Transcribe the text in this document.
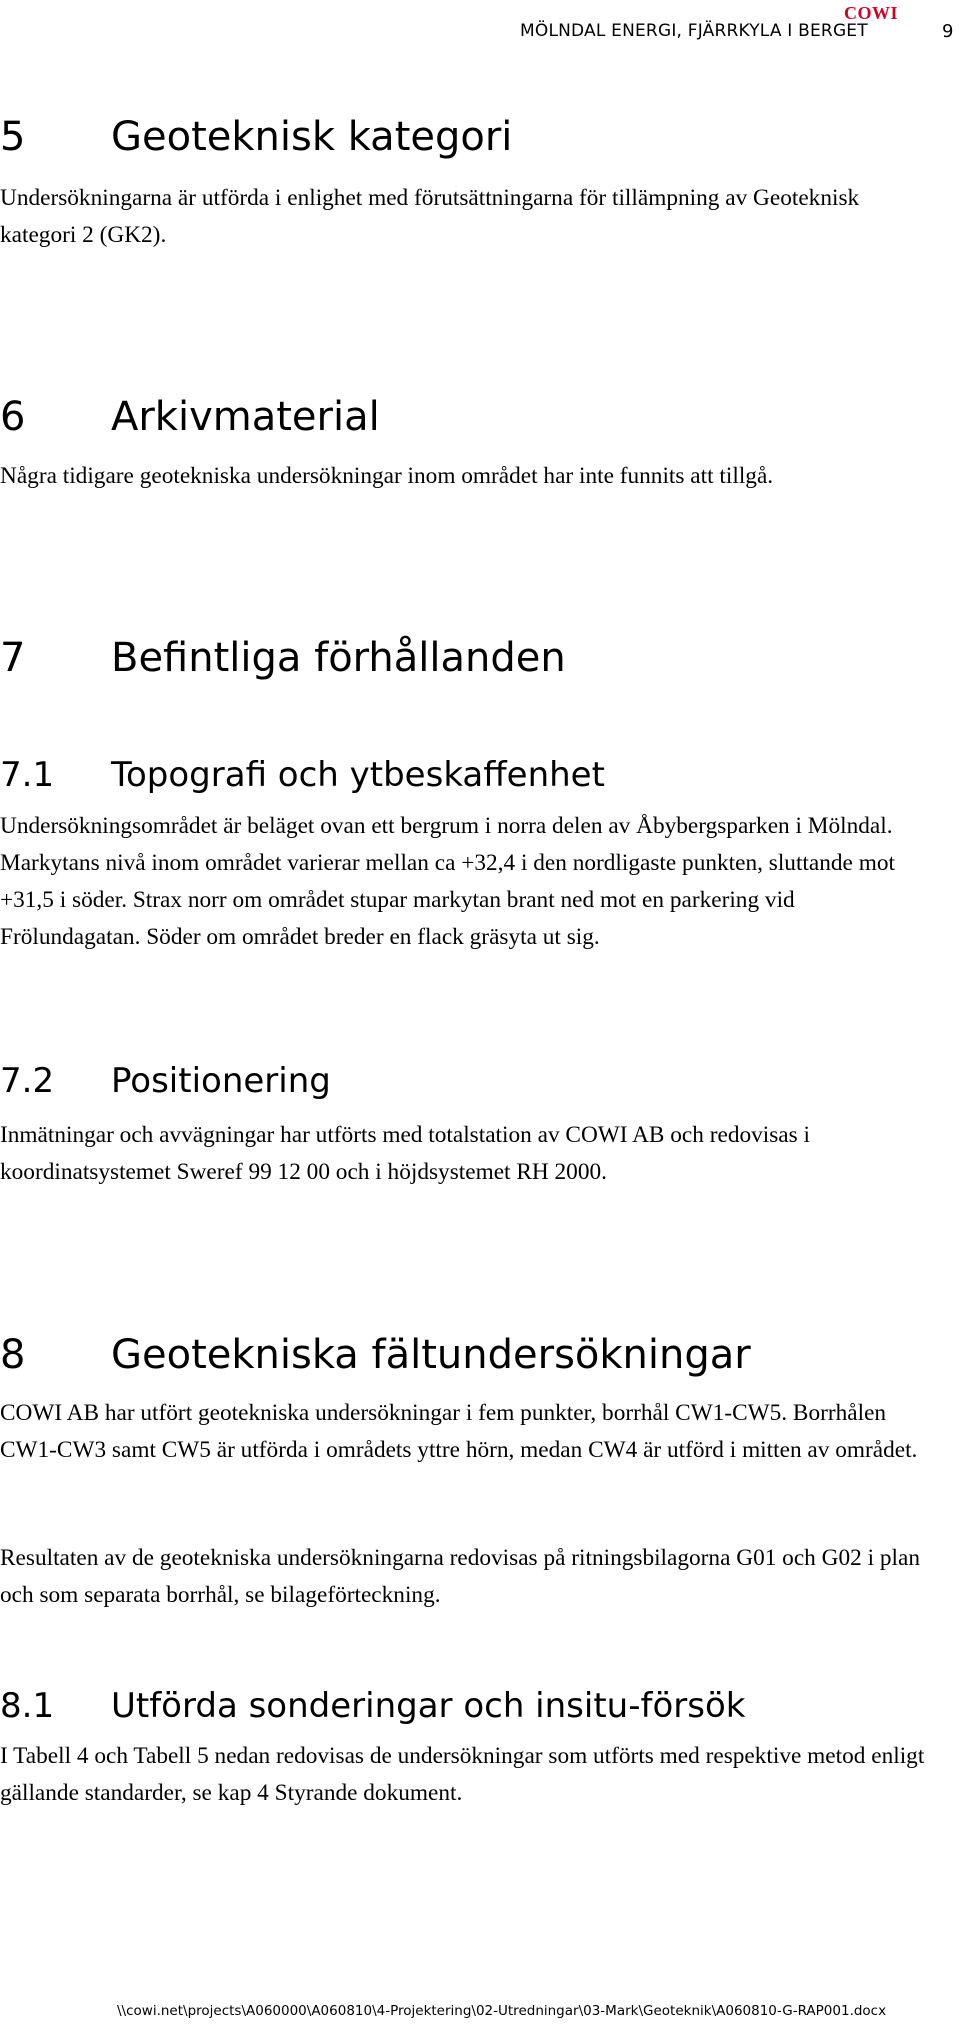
COWI
MÖLNDAL ENERGI, FJÄRRKYLA I BERGET	9
5 Geoteknisk kategori

Undersökningarna är utförda i enlighet med förutsättningarna för tillämpning av Geoteknisk kategori 2 (GK2).

6 Arkivmaterial

Några tidigare geotekniska undersökningar inom området har inte funnits att tillgå.

7 Befintliga förhållanden
7.1 Topografi och ytbeskaffenhet

Undersökningsområdet är beläget ovan ett bergrum i norra delen av Åbybergsparken i Mölndal. Markytans nivå inom området varierar mellan ca +32,4 i den nordligaste punkten, sluttande mot +31,5 i söder. Strax norr om området stupar markytan brant ned mot en parkering vid Frölundagatan. Söder om området breder en flack gräsyta ut sig.

7.2 Positionering

Inmätningar och avvägningar har utförts med totalstation av COWI AB och redovisas i koordinatsystemet Sweref 99 12 00 och i höjdsystemet RH 2000.

8 Geotekniska fältundersökningar

COWI AB har utfört geotekniska undersökningar i fem punkter, borrhål CW1-CW5. Borrhålen CW1-CW3 samt CW5 är utförda i områdets yttre hörn, medan CW4 är utförd i mitten av området.

Resultaten av de geotekniska undersökningarna redovisas på ritningsbilagorna G01 och G02 i plan och som separata borrhål, se bilageförteckning.

8.1 Utförda sonderingar och insitu-försök

I Tabell 4 och Tabell 5 nedan redovisas de undersökningar som utförts med respektive metod enligt gällande standarder, se kap 4 Styrande dokument.

\\cowi.net\projects\A060000\A060810\4-Projektering\02-Utredningar\03-Mark\Geoteknik\A060810-G-RAP001.docx
